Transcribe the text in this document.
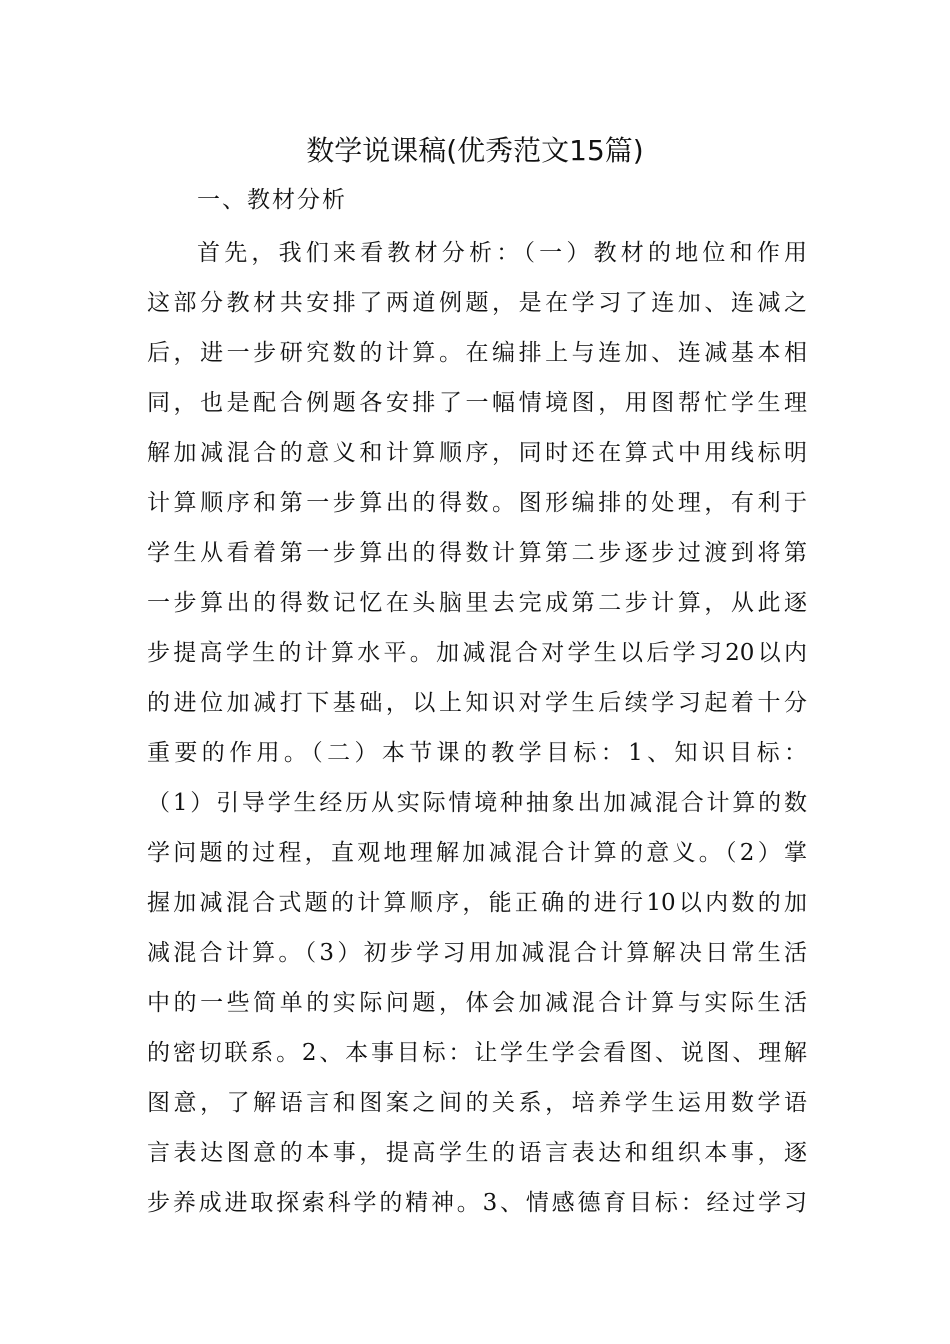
数学说课稿(优秀范文15篇)

一、教材分析

首先，我们来看教材分析：（一）教材的地位和作用
这部分教材共安排了两道例题，是在学习了连加、连减之
后，进一步研究数的计算。在编排上与连加、连减基本相
同，也是配合例题各安排了一幅情境图，用图帮忙学生理
解加减混合的意义和计算顺序，同时还在算式中用线标明
计算顺序和第一步算出的得数。图形编排的处理，有利于
学生从看着第一步算出的得数计算第二步逐步过渡到将第
一步算出的得数记忆在头脑里去完成第二步计算，从此逐
步提高学生的计算水平。加减混合对学生以后学习20以内
的进位加减打下基础，以上知识对学生后续学习起着十分
重要的作用。（二）本节课的教学目标：1、知识目标：
（1）引导学生经历从实际情境种抽象出加减混合计算的数
学问题的过程，直观地理解加减混合计算的意义。（2）掌
握加减混合式题的计算顺序，能正确的进行10以内数的加
减混合计算。（3）初步学习用加减混合计算解决日常生活
中的一些简单的实际问题，体会加减混合计算与实际生活
的密切联系。2、本事目标：让学生学会看图、说图、理解
图意，了解语言和图案之间的关系，培养学生运用数学语
言表达图意的本事，提高学生的语言表达和组织本事，逐
步养成进取探索科学的精神。3、情感德育目标：经过学习
